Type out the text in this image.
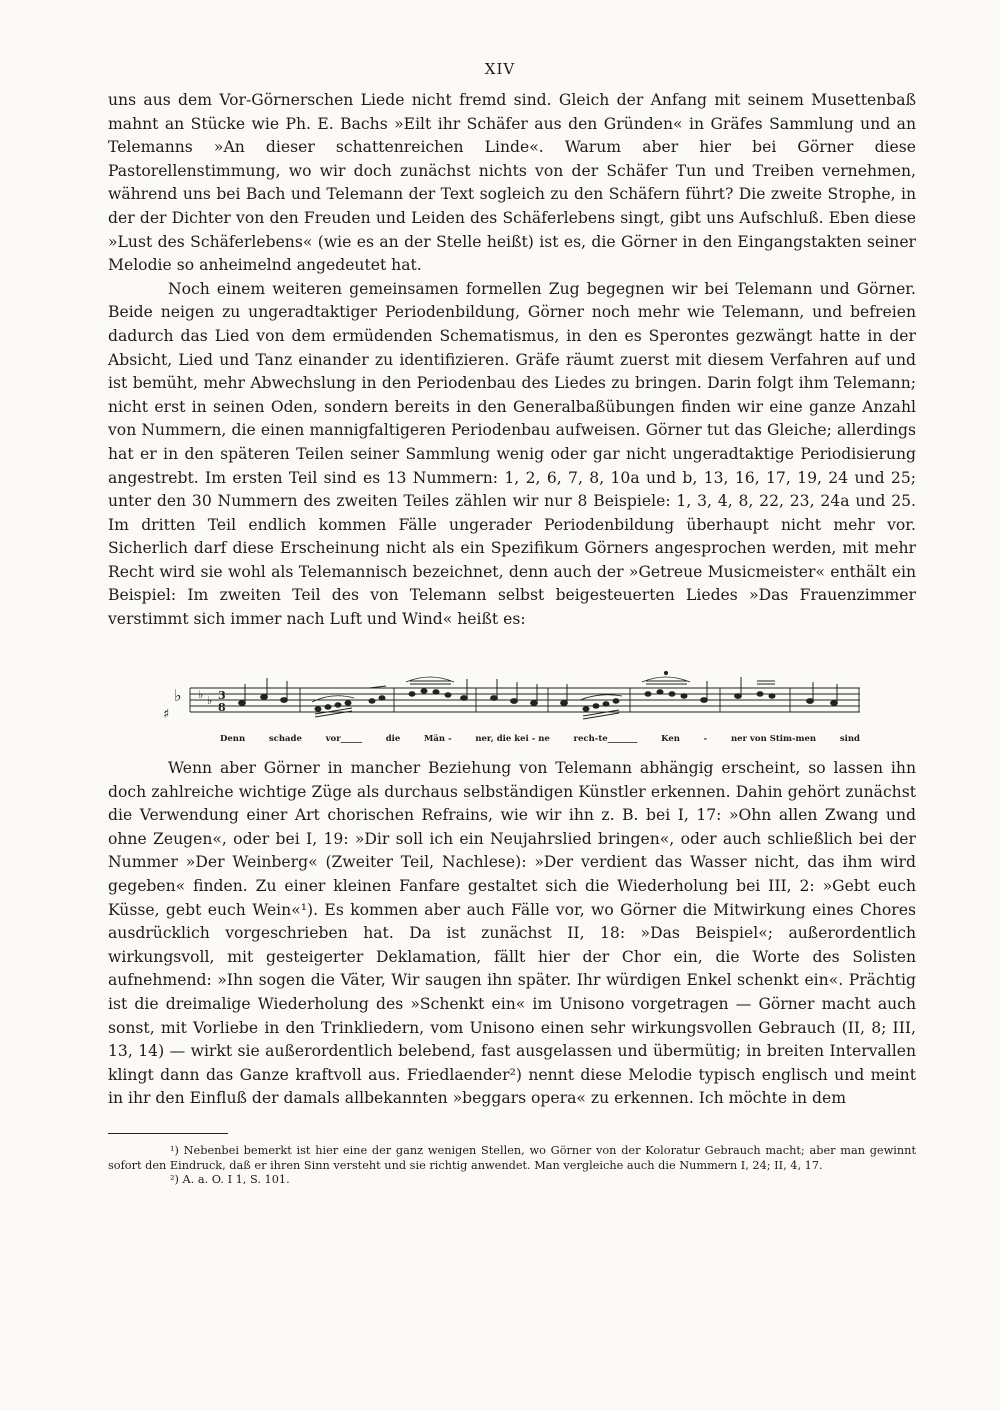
XIV

uns aus dem Vor-Görnerschen Liede nicht fremd sind. Gleich der Anfang mit seinem Musettenbaß mahnt an Stücke wie Ph. E. Bachs »Eilt ihr Schäfer aus den Gründen« in Gräfes Sammlung und an Telemanns »An dieser schattenreichen Linde«. Warum aber hier bei Görner diese Pastorellenstimmung, wo wir doch zunächst nichts von der Schäfer Tun und Treiben vernehmen, während uns bei Bach und Telemann der Text sogleich zu den Schäfern führt? Die zweite Strophe, in der der Dichter von den Freuden und Leiden des Schäferlebens singt, gibt uns Aufschluß. Eben diese »Lust des Schäferlebens« (wie es an der Stelle heißt) ist es, die Görner in den Eingangstakten seiner Melodie so anheimelnd angedeutet hat.

Noch einem weiteren gemeinsamen formellen Zug begegnen wir bei Telemann und Görner. Beide neigen zu ungeradtaktiger Periodenbildung, Görner noch mehr wie Telemann, und befreien dadurch das Lied von dem ermüdenden Schematismus, in den es Sperontes gezwängt hatte in der Absicht, Lied und Tanz einander zu identifizieren. Gräfe räumt zuerst mit diesem Verfahren auf und ist bemüht, mehr Abwechslung in den Periodenbau des Liedes zu bringen. Darin folgt ihm Telemann; nicht erst in seinen Oden, sondern bereits in den Generalbaßübungen finden wir eine ganze Anzahl von Nummern, die einen mannigfaltigeren Periodenbau aufweisen. Görner tut das Gleiche; allerdings hat er in den späteren Teilen seiner Sammlung wenig oder gar nicht ungeradtaktige Periodisierung angestrebt. Im ersten Teil sind es 13 Nummern: 1, 2, 6, 7, 8, 10a und b, 13, 16, 17, 19, 24 und 25; unter den 30 Nummern des zweiten Teiles zählen wir nur 8 Beispiele: 1, 3, 4, 8, 22, 23, 24a und 25. Im dritten Teil endlich kommen Fälle ungerader Periodenbildung überhaupt nicht mehr vor. Sicherlich darf diese Erscheinung nicht als ein Spezifikum Görners angesprochen werden, mit mehr Recht wird sie wohl als Telemannisch bezeichnet, denn auch der »Getreue Musicmeister« enthält ein Beispiel: Im zweiten Teil des von Telemann selbst beigesteuerten Liedes »Das Frauenzimmer verstimmt sich immer nach Luft und Wind« heißt es:

♭
♯
♭ ♭ 3
8
Denn	schade	vor_____	die	Män -	ner, die kei - ne	rech-te_______	Ken	-	ner von Stim-men	sind

Wenn aber Görner in mancher Beziehung von Telemann abhängig erscheint, so lassen ihn doch zahlreiche wichtige Züge als durchaus selbständigen Künstler erkennen. Dahin gehört zunächst die Verwendung einer Art chorischen Refrains, wie wir ihn z. B. bei I, 17: »Ohn allen Zwang und ohne Zeugen«, oder bei I, 19: »Dir soll ich ein Neujahrslied bringen«, oder auch schließlich bei der Nummer »Der Weinberg« (Zweiter Teil, Nachlese): »Der verdient das Wasser nicht, das ihm wird gegeben« finden. Zu einer kleinen Fanfare gestaltet sich die Wiederholung bei III, 2: »Gebt euch Küsse, gebt euch Wein«¹). Es kommen aber auch Fälle vor, wo Görner die Mitwirkung eines Chores ausdrücklich vorgeschrieben hat. Da ist zunächst II, 18: »Das Beispiel«; außerordentlich wirkungsvoll, mit gesteigerter Deklamation, fällt hier der Chor ein, die Worte des Solisten aufnehmend: »Ihn sogen die Väter, Wir saugen ihn später. Ihr würdigen Enkel schenkt ein«. Prächtig ist die dreimalige Wiederholung des »Schenkt ein« im Unisono vorgetragen — Görner macht auch sonst, mit Vorliebe in den Trinkliedern, vom Unisono einen sehr wirkungsvollen Gebrauch (II, 8; III, 13, 14) — wirkt sie außerordentlich belebend, fast ausgelassen und übermütig; in breiten Intervallen klingt dann das Ganze kraftvoll aus. Friedlaender²) nennt diese Melodie typisch englisch und meint in ihr den Einfluß der damals allbekannten »beggars opera« zu erkennen. Ich möchte in dem

¹) Nebenbei bemerkt ist hier eine der ganz wenigen Stellen, wo Görner von der Koloratur Gebrauch macht; aber man gewinnt sofort den Eindruck, daß er ihren Sinn versteht und sie richtig anwendet. Man vergleiche auch die Nummern I, 24; II, 4, 17.

²) A. a. O. I 1, S. 101.
